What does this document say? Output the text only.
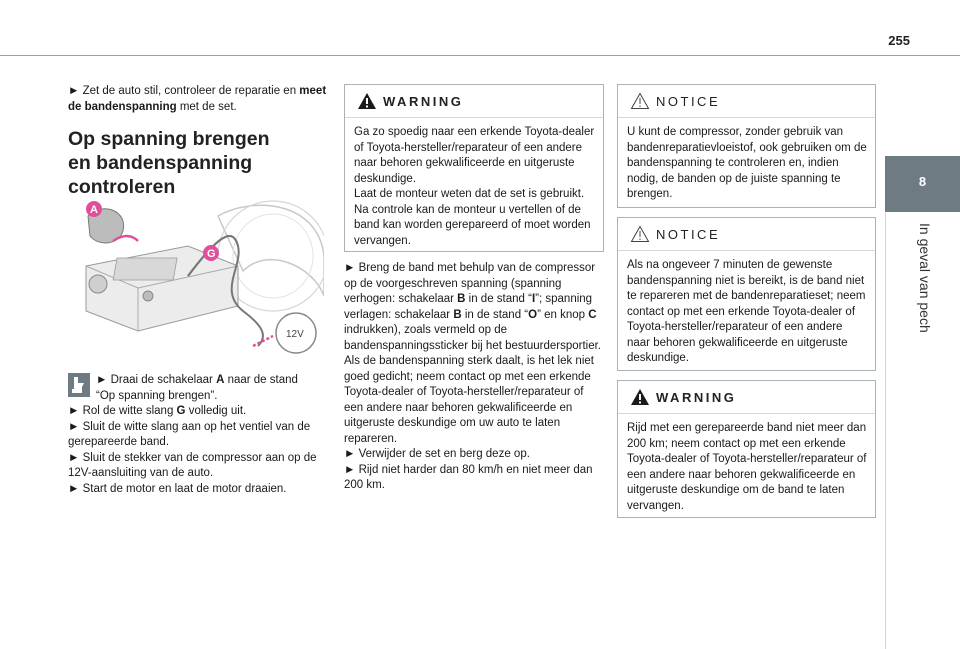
255
8
In geval van pech

► Zet de auto stil, controleer de reparatie en meet de bandenspanning met de set.

Op spanning brengen
en bandenspanning
controleren
12V
A
G
► Draai de schakelaar A naar de stand
“Op spanning brengen”.
► Rol de witte slang G volledig uit.
► Sluit de witte slang aan op het ventiel van de gerepareerde band.
► Sluit de stekker van de compressor aan op de 12V-aansluiting van de auto.
► Start de motor en laat de motor draaien.
WARNING
Ga zo spoedig naar een erkende Toyota-dealer of Toyota-hersteller/reparateur of een andere naar behoren gekwalificeerde en uitgeruste deskundige.
Laat de monteur weten dat de set is gebruikt. Na controle kan de monteur u vertellen of de band kan worden gerepareerd of moet worden vervangen.

► Breng de band met behulp van de compressor op de voorgeschreven spanning (spanning verhogen: schakelaar B in de stand “I”; spanning verlagen: schakelaar B in de stand “O” en knop C indrukken), zoals vermeld op de bandenspanningssticker bij het bestuurdersportier.

Als de bandenspanning sterk daalt, is het lek niet goed gedicht; neem contact op met een erkende Toyota-dealer of Toyota-hersteller/reparateur of een andere naar behoren gekwalificeerde en uitgeruste deskundige om uw auto te laten repareren.

► Verwijder de set en berg deze op.

► Rijd niet harder dan 80 km/h en niet meer dan 200 km.

NOTICE
U kunt de compressor, zonder gebruik van bandenreparatievloeistof, ook gebruiken om de bandenspanning te controleren en, indien nodig, de banden op de juiste spanning te brengen.
NOTICE
Als na ongeveer 7 minuten de gewenste bandenspanning niet is bereikt, is de band niet te repareren met de bandenreparatieset; neem contact op met een erkende Toyota-dealer of Toyota-hersteller/reparateur of een andere naar behoren gekwalificeerde en uitgeruste deskundige.
WARNING
Rijd met een gerepareerde band niet meer dan 200 km; neem contact op met een erkende Toyota-dealer of Toyota-hersteller/reparateur of een andere naar behoren gekwalificeerde en uitgeruste deskundige om de band te laten vervangen.
